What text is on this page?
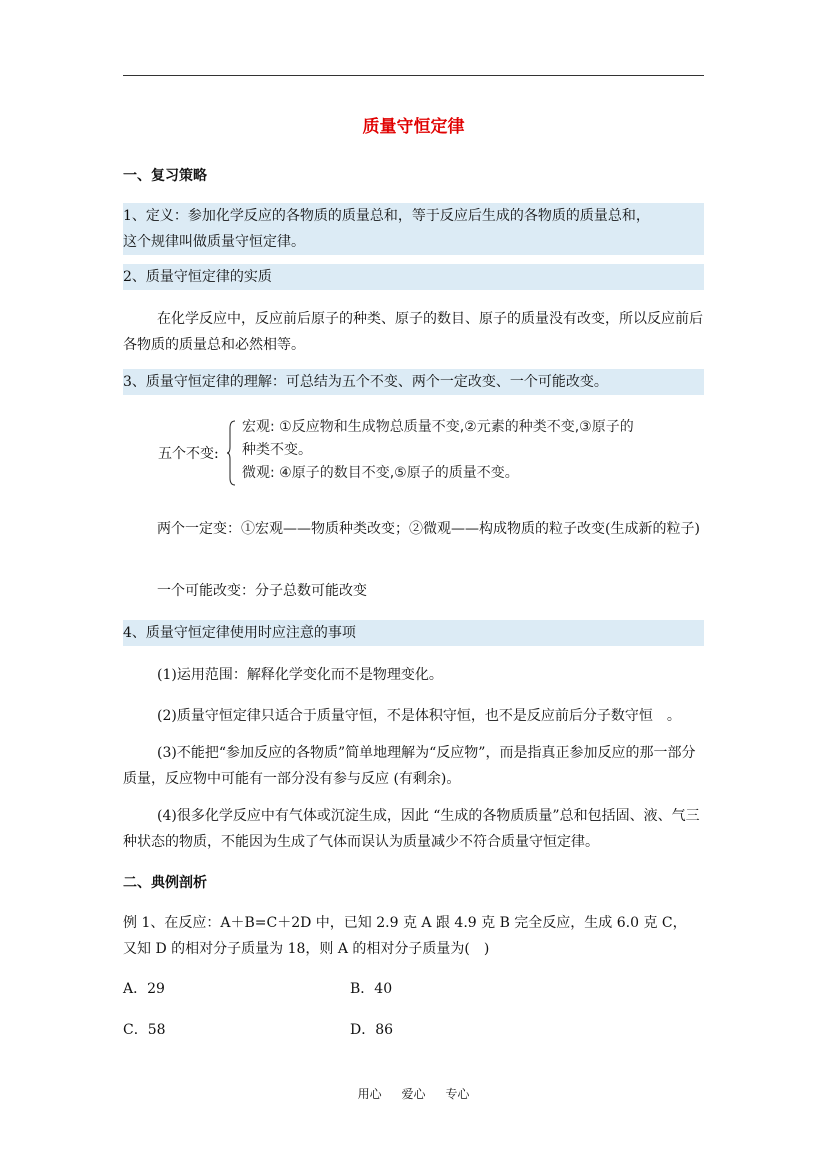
质量守恒定律
一、复习策略
1、定义：参加化学反应的各物质的质量总和，等于反应后生成的各物质的质量总和，
这个规律叫做质量守恒定律。
2、质量守恒定律的实质
在化学反应中，反应前后原子的种类、原子的数目、原子的质量没有改变，所以反应前后各物质的质量总和必然相等。
3、质量守恒定律的理解：可总结为五个不变、两个一定改变、一个可能改变。
五个不变:
宏观: ①反应物和生成物总质量不变,②元素的种类不变,③原子的
种类不变。
微观: ④原子的数目不变,⑤原子的质量不变。
两个一定变：①宏观——物质种类改变；②微观——构成物质的粒子改变(生成新的粒子)
一个可能改变：分子总数可能改变
4、质量守恒定律使用时应注意的事项
(1)运用范围：解释化学变化而不是物理变化。
(2)质量守恒定律只适合于质量守恒，不是体积守恒，也不是反应前后分子数守恒　。
(3)不能把“参加反应的各物质”简单地理解为“反应物”，而是指真正参加反应的那一部分质量，反应物中可能有一部分没有参与反应 (有剩余)。
(4)很多化学反应中有气体或沉淀生成，因此 “生成的各物质质量”总和包括固、液、气三种状态的物质，不能因为生成了气体而误认为质量减少不符合质量守恒定律。
二、典例剖析
例 1、在反应：A＋B=C＋2D 中，已知 2.9 克 A 跟 4.9 克 B 完全反应，生成 6.0 克 C，
又知 D 的相对分子质量为 18，则 A 的相对分子质量为(　)
A．29	B．40
C．58	D．86
用心 爱心 专心
